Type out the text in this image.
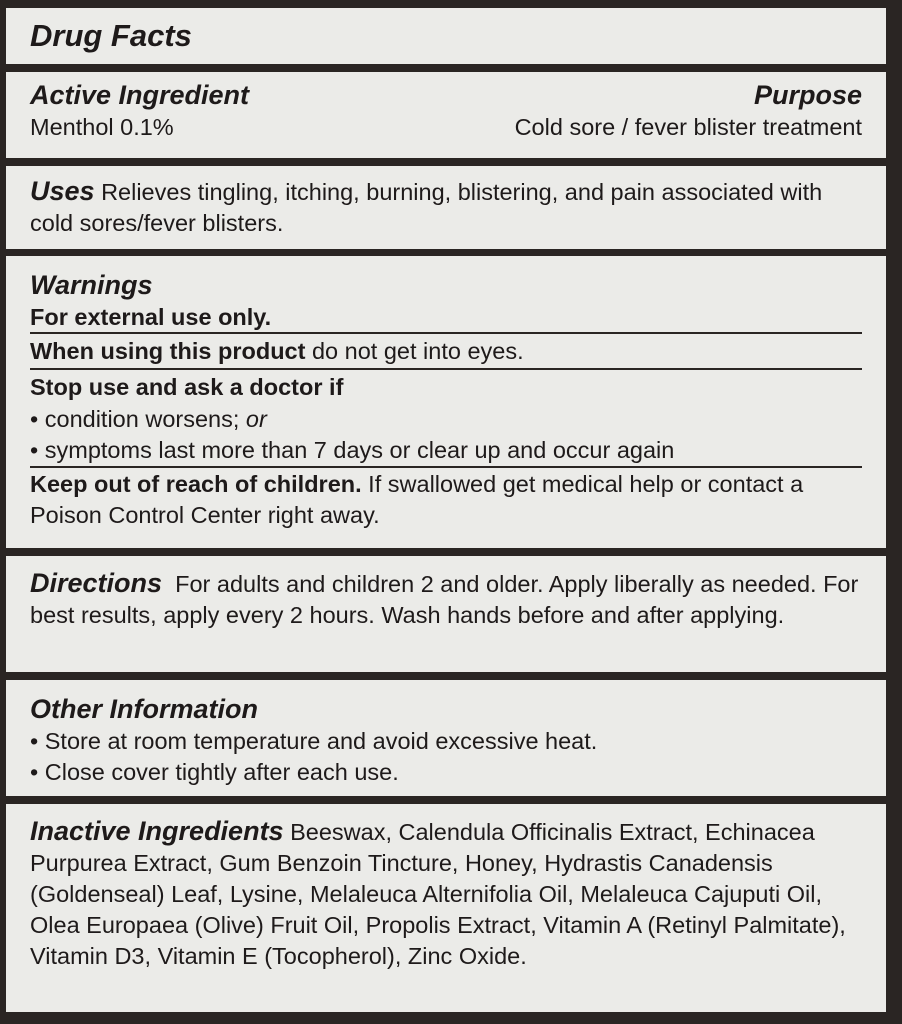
Drug Facts
Active Ingredient	Purpose
Menthol 0.1%	Cold sore / fever blister treatment
Uses Relieves tingling, itching, burning, blistering, and pain associated with cold sores/fever blisters.
Warnings
For external use only.
When using this product do not get into eyes.
Stop use and ask a doctor if
• condition worsens; or
• symptoms last more than 7 days or clear up and occur again
Keep out of reach of children. If swallowed get medical help or contact a Poison Control Center right away.
Directions For adults and children 2 and older. Apply liberally as needed. For best results, apply every 2 hours. Wash hands before and after applying.
Other Information
• Store at room temperature and avoid excessive heat.
• Close cover tightly after each use.
Inactive Ingredients Beeswax, Calendula Officinalis Extract, Echinacea Purpurea Extract, Gum Benzoin Tincture, Honey, Hydrastis Canadensis (Goldenseal) Leaf, Lysine, Melaleuca Alternifolia Oil, Melaleuca Cajuputi Oil, Olea Europaea (Olive) Fruit Oil, Propolis Extract, Vitamin A (Retinyl Palmitate), Vitamin D3, Vitamin E (Tocopherol), Zinc Oxide.
